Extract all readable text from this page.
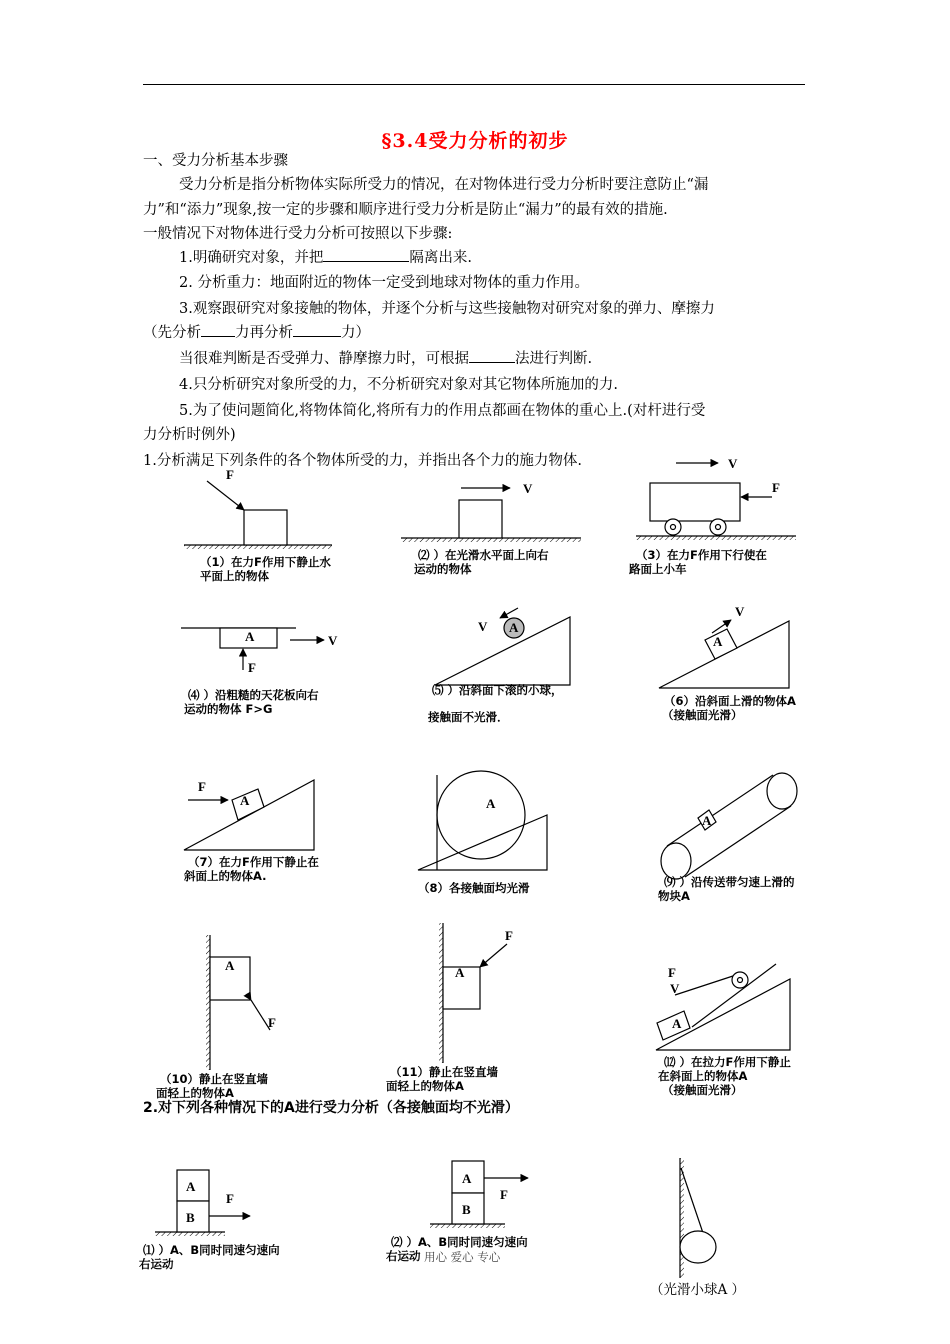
§3.4受力分析的初步
一、受力分析基本步骤
受力分析是指分析物体实际所受力的情况，在对物体进行受力分析时要注意防止“漏
力”和“添力”现象,按一定的步骤和顺序进行受力分析是防止“漏力”的最有效的措施.
一般情况下对物体进行受力分析可按照以下步骤:
1.明确研究对象，并把	隔离出来.
2. 分析重力：地面附近的物体一定受到地球对物体的重力作用。
3.观察跟研究对象接触的物体，并逐个分析与这些接触物对研究对象的弹力、摩擦力
（先分析 力再分析	力）
当很难判断是否受弹力、静摩擦力时，可根据	法进行判断.
4.只分析研究对象所受的力，不分析研究对象对其它物体所施加的力.
5.为了使问题简化,将物体简化,将所有力的作用点都画在物体的重心上.(对杆进行受
力分析时例外)
1.分析满足下列条件的各个物体所受的力，并指出各个力的施力物体.
F
V
V
F
A	V
F
V A
V
A
F
A	A
A
A
F
A
F
F
V
A
A
B
F
A
B
F
（1）在力F作用下静止水
平面上的物体
⑵ ）在光滑水平面上向右
运动的物体
（3）在力F作用下行使在
路面上小车
⑷ ）沿粗糙的天花板向右
运动的物体 F>G
⑸ ）沿斜面下滚的小球，
接触面不光滑．
（6）沿斜面上滑的物体A
（接触面光滑）
（7）在力F作用下静止在
斜面上的物体A.
（8）各接触面均光滑	⑼ ）沿传送带匀速上滑的
物块A
（10）静止在竖直墙
面轻上的物体A
（11）静止在竖直墙
面轻上的物体A
⑿ ）在拉力F作用下静止
在斜面上的物体A
（接触面光滑）
2.对下列各种情况下的A进行受力分析（各接触面均不光滑）
⑴ ）A、B同时同速匀速向
右运动
⑵ ）A、B同时同速匀速向
右运动 用心 爱心 专心
（光滑小球A ）
